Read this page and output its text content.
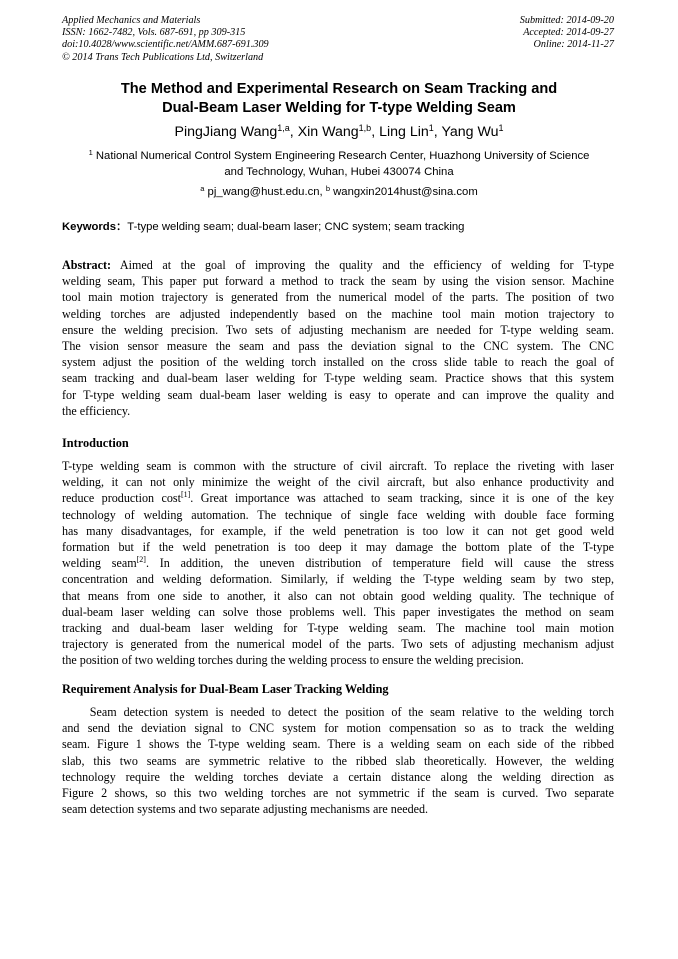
Applied Mechanics and Materials
ISSN: 1662-7482, Vols. 687-691, pp 309-315
doi:10.4028/www.scientific.net/AMM.687-691.309
© 2014 Trans Tech Publications Ltd, Switzerland
Submitted: 2014-09-20
Accepted: 2014-09-27
Online: 2014-11-27
The Method and Experimental Research on Seam Tracking and
Dual-Beam Laser Welding for T-type Welding Seam
PingJiang Wang$^{1,a}$, Xin Wang$^{1,b}$, Ling Lin$^1$, Yang Wu$^1$
$^1$ National Numerical Control System Engineering Research Center, Huazhong University of Science
and Technology, Wuhan, Hubei 430074 China
$^a$ pj_wang@hust.edu.cn, $^b$ wangxin2014hust@sina.com
Keywords：T-type welding seam; dual-beam laser; CNC system; seam tracking
Abstract: Aimed at the goal of improving the quality and the efficiency of welding for T-type
welding seam, This paper put forward a method to track the seam by using the vision sensor. Machine
tool main motion trajectory is generated from the numerical model of the parts. The position of two
welding torches are adjusted independently based on the machine tool main motion trajectory to
ensure the welding precision. Two sets of adjusting mechanism are needed for T-type welding seam.
The vision sensor measure the seam and pass the deviation signal to the CNC system. The CNC
system adjust the position of the welding torch installed on the cross slide table to reach the goal of
seam tracking and dual-beam laser welding for T-type welding seam. Practice shows that this system
for T-type welding seam dual-beam laser welding is easy to operate and can improve the quality and
the efficiency.
Introduction
T-type welding seam is common with the structure of civil aircraft. To replace the riveting with laser
welding, it can not only minimize the weight of the civil aircraft, but also enhance productivity and
reduce production cost[1]. Great importance was attached to seam tracking, since it is one of the key
technology of welding automation. The technique of single face welding with double face forming
has many disadvantages, for example, if the weld penetration is too low it can not get good weld
formation but if the weld penetration is too deep it may damage the bottom plate of the T-type
welding seam[2]. In addition, the uneven distribution of temperature field will cause the stress
concentration and welding deformation. Similarly, if welding the T-type welding seam by two step,
that means from one side to another, it also can not obtain good welding quality. The technique of
dual-beam laser welding can solve those problems well. This paper investigates the method on seam
tracking and dual-beam laser welding for T-type welding seam. The machine tool main motion
trajectory is generated from the numerical model of the parts. Two sets of adjusting mechanism adjust
the position of two welding torches during the welding process to ensure the welding precision.
Requirement Analysis for Dual-Beam Laser Tracking Welding
Seam detection system is needed to detect the position of the seam relative to the welding torch
and send the deviation signal to CNC system for motion compensation so as to track the welding
seam. Figure 1 shows the T-type welding seam. There is a welding seam on each side of the ribbed
slab, this two seams are symmetric relative to the ribbed slab theoretically. However, the welding
technology require the welding torches deviate a certain distance along the welding direction as
Figure 2 shows, so this two welding torches are not symmetric if the seam is curved. Two separate
seam detection systems and two separate adjusting mechanisms are needed.
